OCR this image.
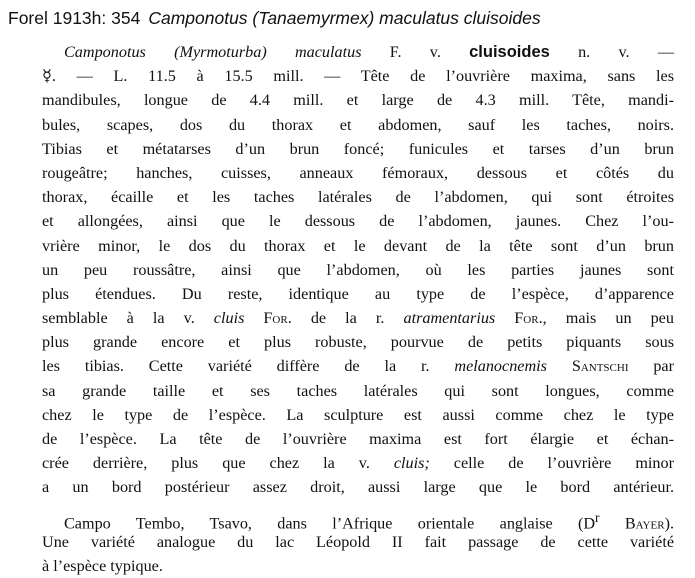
Forel 1913h: 354 Camponotus (Tanaemyrmex) maculatus cluisoides
Camponotus (Myrmoturba) maculatus F. v. cluisoides n. v. —
☿. — L. 11.5 à 15.5 mill. — Tête de l’ouvrière maxima, sans les
mandibules, longue de 4.4 mill. et large de 4.3 mill. Tête, mandi-
bules, scapes, dos du thorax et abdomen, sauf les taches, noirs.
Tibias et métatarses d’un brun foncé; funicules et tarses d’un brun
rougeâtre; hanches, cuisses, anneaux fémoraux, dessous et côtés du
thorax, écaille et les taches latérales de l’abdomen, qui sont étroites
et allongées, ainsi que le dessous de l’abdomen, jaunes. Chez l’ou-
vrière minor, le dos du thorax et le devant de la tête sont d’un brun
un peu roussâtre, ainsi que l’abdomen, où les parties jaunes sont
plus étendues. Du reste, identique au type de l’espèce, d’apparence
semblable à la v. cluis For. de la r. atramentarius For., mais un peu
plus grande encore et plus robuste, pourvue de petits piquants sous
les tibias. Cette variété diffère de la r. melanocnemis Santschi par
sa grande taille et ses taches latérales qui sont longues, comme
chez le type de l’espèce. La sculpture est aussi comme chez le type
de l’espèce. La tête de l’ouvrière maxima est fort élargie et échan-
crée derrière, plus que chez la v. cluis; celle de l’ouvrière minor
a un bord postérieur assez droit, aussi large que le bord antérieur.
Campo Tembo, Tsavo, dans l’Afrique orientale anglaise ($D^r$ Bayer).
Une variété analogue du lac Léopold II fait passage de cette variété
à l’espèce typique.
